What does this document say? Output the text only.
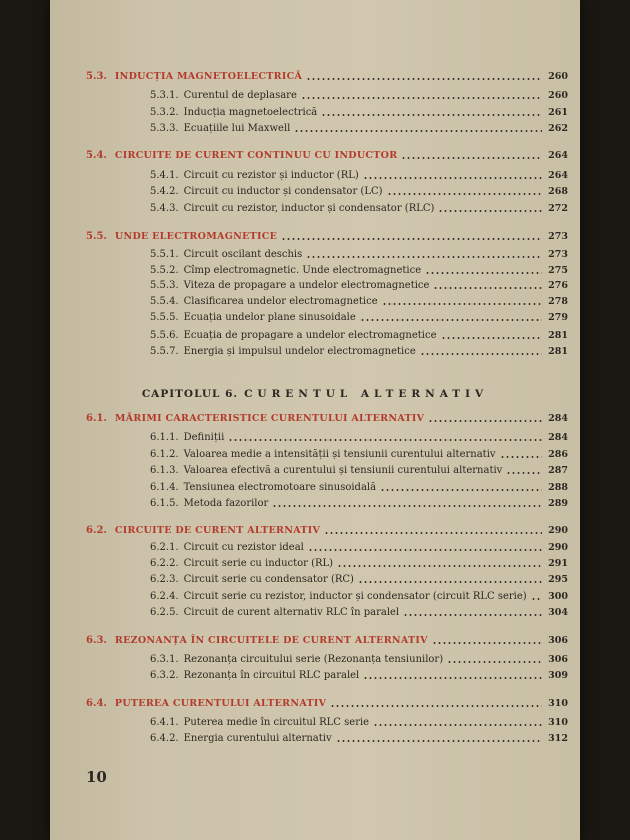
5.3. INDUCȚIA MAGNETOELECTRICĂ	260
5.3.1. Curentul de deplasare	260
5.3.2. Inducția magnetoelectrică	261
5.3.3. Ecuațiile lui Maxwell	262
5.4. CIRCUITE DE CURENT CONTINUU CU INDUCTOR	264
5.4.1. Circuit cu rezistor și inductor (RL)	264
5.4.2. Circuit cu inductor și condensator (LC)	268
5.4.3. Circuit cu rezistor, inductor și condensator (RLC)	272
5.5. UNDE ELECTROMAGNETICE	273
5.5.1. Circuit oscilant deschis	273
5.5.2. Cîmp electromagnetic. Unde electromagnetice	275
5.5.3. Viteza de propagare a undelor electromagnetice	276
5.5.4. Clasificarea undelor electromagnetice	278
5.5.5. Ecuația undelor plane sinusoidale	279
5.5.6. Ecuația de propagare a undelor electromagnetice	281
5.5.7. Energia și impulsul undelor electromagnetice	281
6.1. MĂRIMI CARACTERISTICE CURENTULUI ALTERNATIV	284
6.1.1. Definiții	284
6.1.2. Valoarea medie a intensității și tensiunii curentului alternativ	286
6.1.3. Valoarea efectivă a curentului și tensiunii curentului alternativ	287
6.1.4. Tensiunea electromotoare sinusoidală	288
6.1.5. Metoda fazorilor	289
6.2. CIRCUITE DE CURENT ALTERNATIV	290
6.2.1. Circuit cu rezistor ideal	290
6.2.2. Circuit serie cu inductor (RL)	291
6.2.3. Circuit serie cu condensator (RC)	295
6.2.4. Circuit serie cu rezistor, inductor și condensator (circuit RLC serie) 300
6.2.5. Circuit de curent alternativ RLC în paralel	304
6.3. REZONANȚA ÎN CIRCUITELE DE CURENT ALTERNATIV	306
6.3.1. Rezonanța circuitului serie (Rezonanța tensiunilor)	306
6.3.2. Rezonanța în circuitul RLC paralel	309
6.4. PUTEREA CURENTULUI ALTERNATIV	310
6.4.1. Puterea medie în circuitul RLC serie	310
6.4.2. Energia curentului alternativ	312
CAPITOLUL 6. CURENTUL ALTERNATIV
10
